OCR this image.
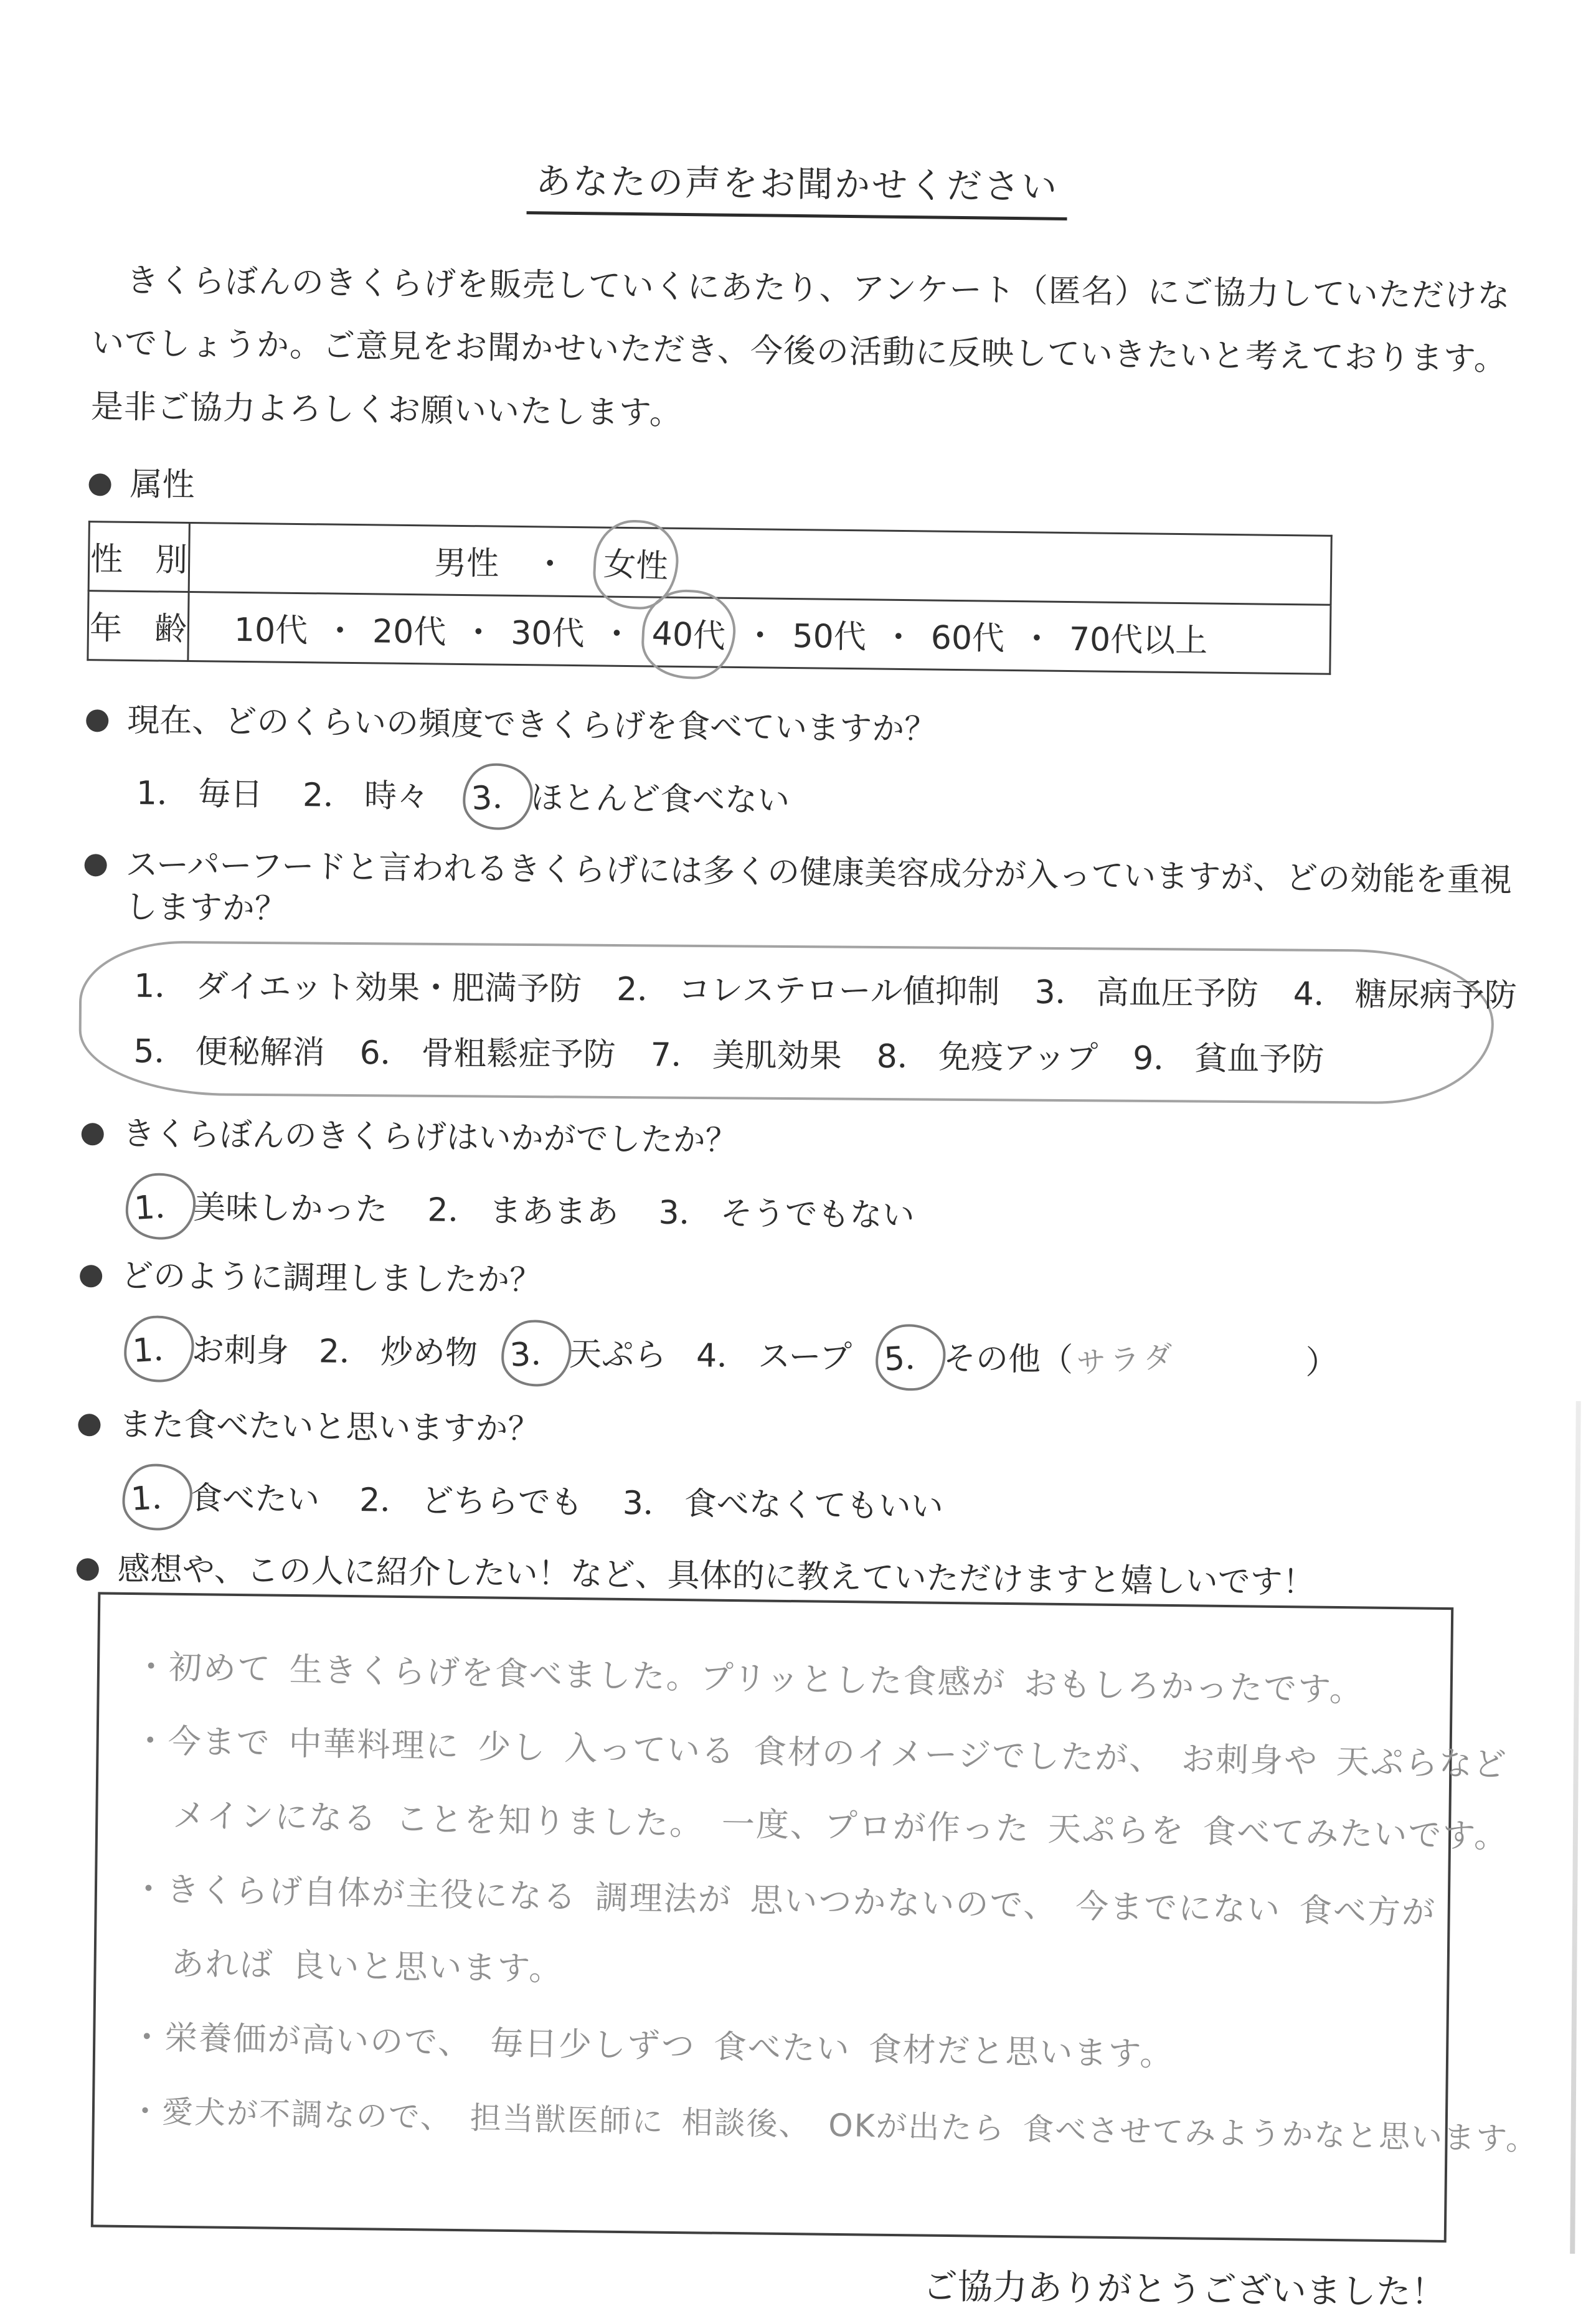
あなたの声をお聞かせください

きくらぼんのきくらげを販売していくにあたり、アンケート（匿名）にご協力していただけないでしょうか。ご意見をお聞かせいただき、今後の活動に反映していきたいと考えております。是非ご協力よろしくお願いいたします。

属性
性　別	男性 ・ 女性

年　齢	10代 ・ 20代 ・ 30代 ・ 40代 ・ 50代 ・ 60代 ・ 70代以上
現在、どのくらいの頻度できくらげを食べていますか？
1． 毎日 2． 時々 3． ほとんど食べない
スーパーフードと言われるきくらげには多くの健康美容成分が入っていますが、どの効能を重視しますか？
1． ダイエット効果・肥満予防 2． コレステロール値抑制 3． 高血圧予防 4． 糖尿病予防
5． 便秘解消 6． 骨粗鬆症予防 7． 美肌効果 8． 免疫アップ 9． 貧血予防
きくらぼんのきくらげはいかがでしたか？
1． 美味しかった 2． まあまあ 3． そうでもない
どのように調理しましたか？
1． お刺身 2． 炒め物 3． 天ぷら 4． スープ 5． その他 （ サラダ	）
また食べたいと思いますか？
1． 食べたい 2． どちらでも 3． 食べなくてもいい
感想や、この人に紹介したい！など、具体的に教えていただけますと嬉しいです！
・初めて 生きくらげを食べました。プリッとした食感が おもしろかったです。
・今まで 中華料理に 少し 入っている 食材のイメージでしたが、 お刺身や 天ぷらなど
メインになる ことを知りました。 一度、プロが作った 天ぷらを 食べてみたいです。
・きくらげ自体が主役になる 調理法が 思いつかないので、 今までにない 食べ方が
あれば 良いと思います。
・栄養価が高いので、 毎日少しずつ 食べたい 食材だと思います。
・愛犬が不調なので、 担当獣医師に 相談後、 OKが出たら 食べさせてみようかなと思います。
ご協力ありがとうございました！
